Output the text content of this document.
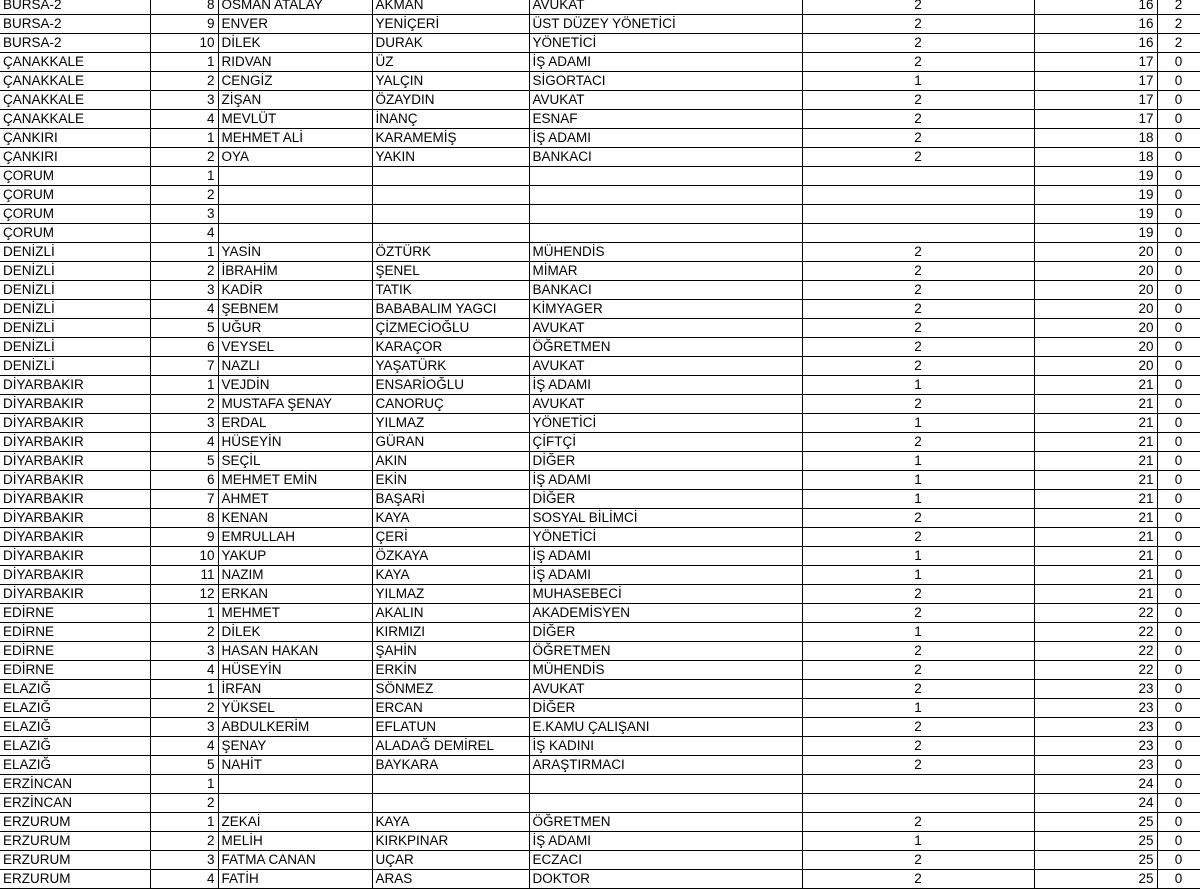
BURSA-2	8	OSMAN ATALAY	AKMAN	AVUKAT	2	16	2
BURSA-2	9	ENVER	YENİÇERİ	ÜST DÜZEY YÖNETİCİ	2	16	2
BURSA-2	10	DİLEK	DURAK	YÖNETİCİ	2	16	2
ÇANAKKALE	1	RIDVAN	ÜZ	İŞ ADAMI	2	17	0
ÇANAKKALE	2	CENGİZ	YALÇIN	SİGORTACI	1	17	0
ÇANAKKALE	3	ZİŞAN	ÖZAYDIN	AVUKAT	2	17	0
ÇANAKKALE	4	MEVLÜT	İNANÇ	ESNAF	2	17	0
ÇANKIRI	1	MEHMET ALİ	KARAMEMİŞ	İŞ ADAMI	2	18	0
ÇANKIRI	2	OYA	YAKIN	BANKACI	2	18	0
ÇORUM	1					19	0
ÇORUM	2					19	0
ÇORUM	3					19	0
ÇORUM	4					19	0
DENİZLİ	1	YASİN	ÖZTÜRK	MÜHENDİS	2	20	0
DENİZLİ	2	İBRAHİM	ŞENEL	MİMAR	2	20	0
DENİZLİ	3	KADİR	TATIK	BANKACI	2	20	0
DENİZLİ	4	ŞEBNEM	BABABALIM YAGCI	KİMYAGER	2	20	0
DENİZLİ	5	UĞUR	ÇİZMECİOĞLU	AVUKAT	2	20	0
DENİZLİ	6	VEYSEL	KARAÇOR	ÖĞRETMEN	2	20	0
DENİZLİ	7	NAZLI	YAŞATÜRK	AVUKAT	2	20	0
DİYARBAKIR	1	VEJDİN	ENSARİOĞLU	İŞ ADAMI	1	21	0
DİYARBAKIR	2	MUSTAFA ŞENAY	CANORUÇ	AVUKAT	2	21	0
DİYARBAKIR	3	ERDAL	YILMAZ	YÖNETİCİ	1	21	0
DİYARBAKIR	4	HÜSEYİN	GÜRAN	ÇİFTÇİ	2	21	0
DİYARBAKIR	5	SEÇİL	AKIN	DİĞER	1	21	0
DİYARBAKIR	6	MEHMET EMİN	EKİN	İŞ ADAMI	1	21	0
DİYARBAKIR	7	AHMET	BAŞARİ	DİĞER	1	21	0
DİYARBAKIR	8	KENAN	KAYA	SOSYAL BİLİMCİ	2	21	0
DİYARBAKIR	9	EMRULLAH	ÇERİ	YÖNETİCİ	2	21	0
DİYARBAKIR	10	YAKUP	ÖZKAYA	İŞ ADAMI	1	21	0
DİYARBAKIR	11	NAZIM	KAYA	İŞ ADAMI	1	21	0
DİYARBAKIR	12	ERKAN	YILMAZ	MUHASEBECİ	2	21	0
EDİRNE	1	MEHMET	AKALIN	AKADEMİSYEN	2	22	0
EDİRNE	2	DİLEK	KIRMIZI	DİĞER	1	22	0
EDİRNE	3	HASAN HAKAN	ŞAHİN	ÖĞRETMEN	2	22	0
EDİRNE	4	HÜSEYİN	ERKİN	MÜHENDİS	2	22	0
ELAZIĞ	1	İRFAN	SÖNMEZ	AVUKAT	2	23	0
ELAZIĞ	2	YÜKSEL	ERCAN	DİĞER	1	23	0
ELAZIĞ	3	ABDULKERİM	EFLATUN	E.KAMU ÇALIŞANI	2	23	0
ELAZIĞ	4	ŞENAY	ALADAĞ DEMİREL	İŞ KADINI	2	23	0
ELAZIĞ	5	NAHİT	BAYKARA	ARAŞTIRMACI	2	23	0
ERZİNCAN	1					24	0
ERZİNCAN	2					24	0
ERZURUM	1	ZEKAİ	KAYA	ÖĞRETMEN	2	25	0
ERZURUM	2	MELİH	KIRKPINAR	İŞ ADAMI	1	25	0
ERZURUM	3	FATMA CANAN	UÇAR	ECZACI	2	25	0
ERZURUM	4	FATİH	ARAS	DOKTOR	2	25	0
